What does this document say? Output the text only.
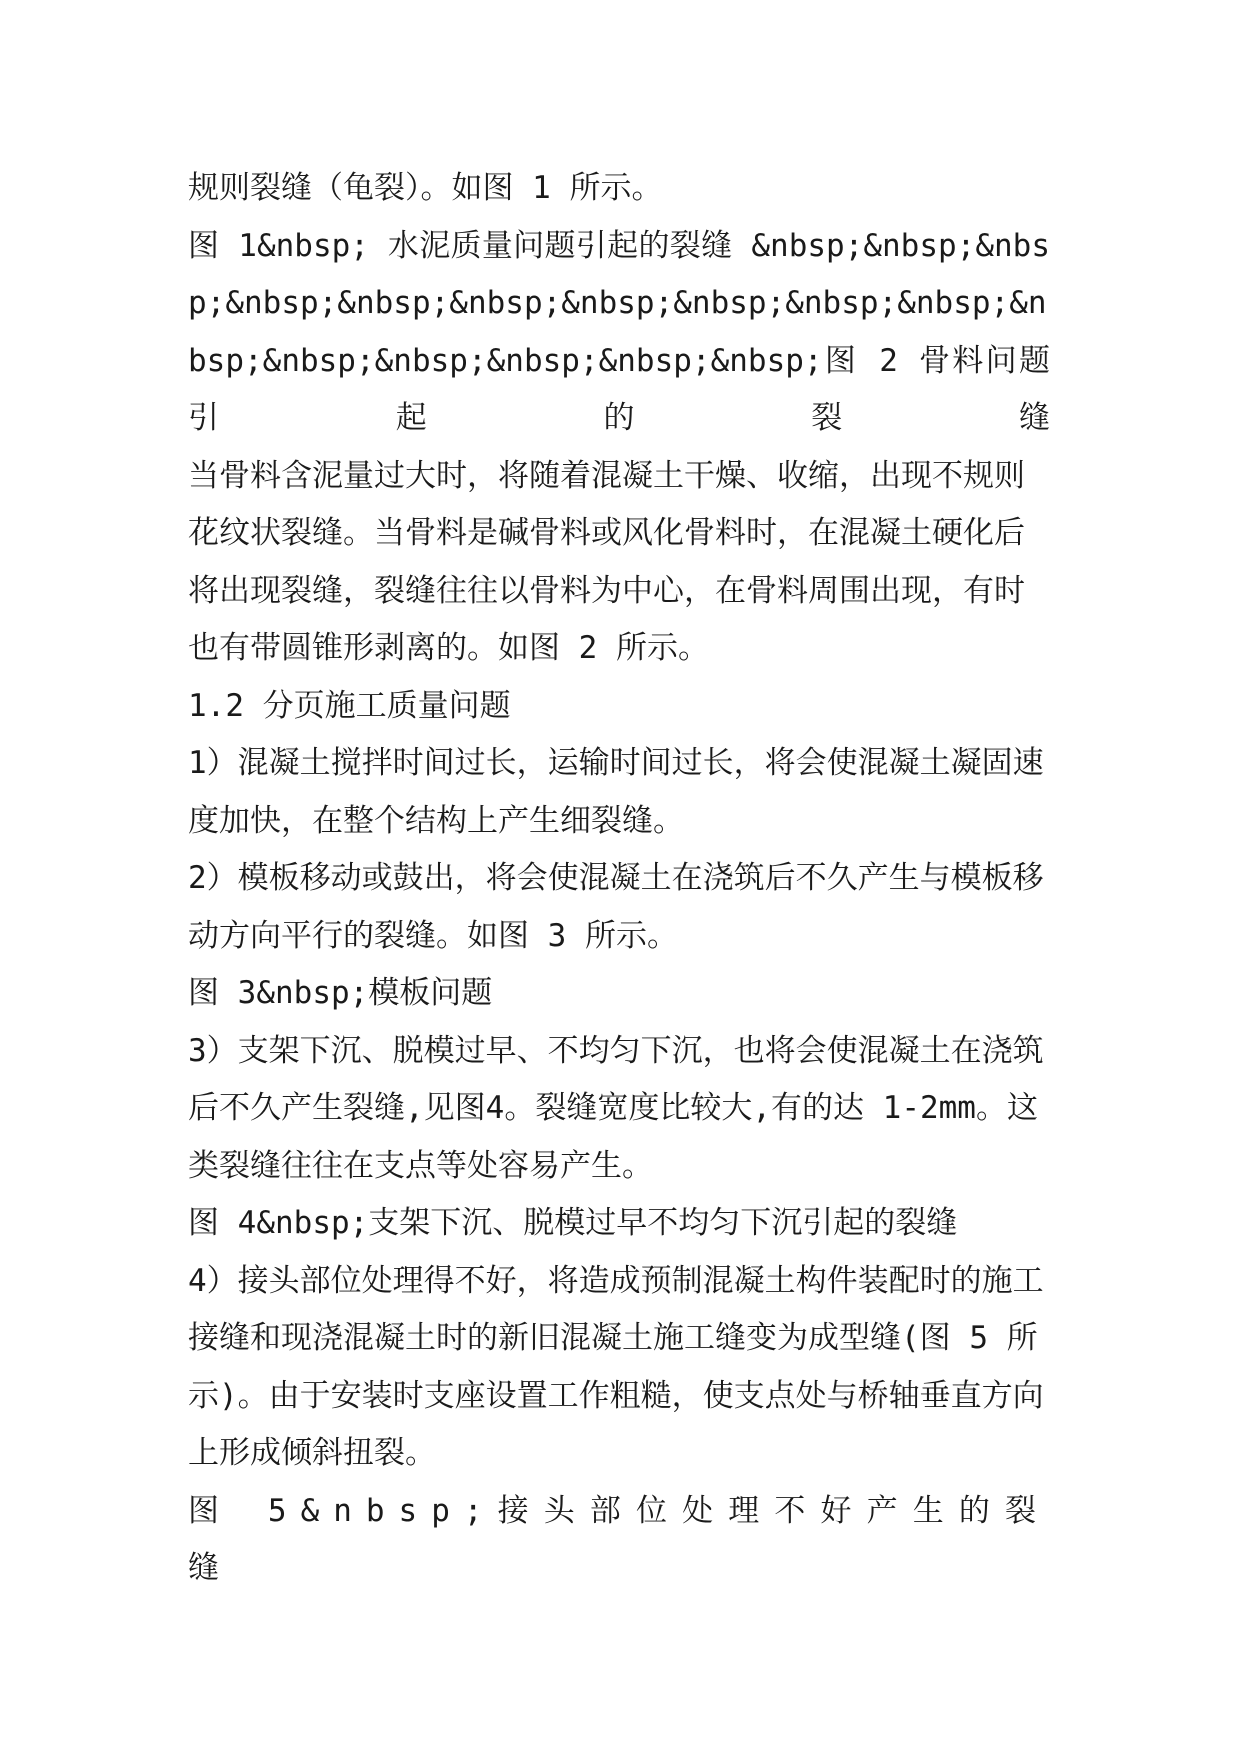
规则裂缝（龟裂）。如图 1 所示。

图 1&nbsp; 水泥质量问题引起的裂缝 &nbsp;&nbsp;&nbsp;&nbsp;&nbsp;&nbsp;&nbsp;&nbsp;&nbsp;&nbsp;&nbsp;&nbsp;&nbsp;&nbsp;&nbsp;&nbsp;图 2 骨料问题引起的裂缝

当骨料含泥量过大时，将随着混凝土干燥、收缩，出现不规则花纹状裂缝。当骨料是碱骨料或风化骨料时，在混凝土硬化后将出现裂缝，裂缝往往以骨料为中心，在骨料周围出现，有时也有带圆锥形剥离的。如图 2 所示。

1.2 分页施工质量问题

1）混凝土搅拌时间过长，运输时间过长，将会使混凝土凝固速度加快，在整个结构上产生细裂缝。

2）模板移动或鼓出，将会使混凝土在浇筑后不久产生与模板移动方向平行的裂缝。如图 3 所示。

图 3&nbsp;模板问题

3）支架下沉、脱模过早、不均匀下沉，也将会使混凝土在浇筑后不久产生裂缝,见图4。裂缝宽度比较大,有的达 1-2mm。这类裂缝往往在支点等处容易产生。

图 4&nbsp;支架下沉、脱模过早不均匀下沉引起的裂缝

4）接头部位处理得不好，将造成预制混凝土构件装配时的施工接缝和现浇混凝土时的新旧混凝土施工缝变为成型缝(图 5 所示)。由于安装时支座设置工作粗糙，使支点处与桥轴垂直方向上形成倾斜扭裂。

图 5&nbsp;接头部位处理不好产生的裂缝
